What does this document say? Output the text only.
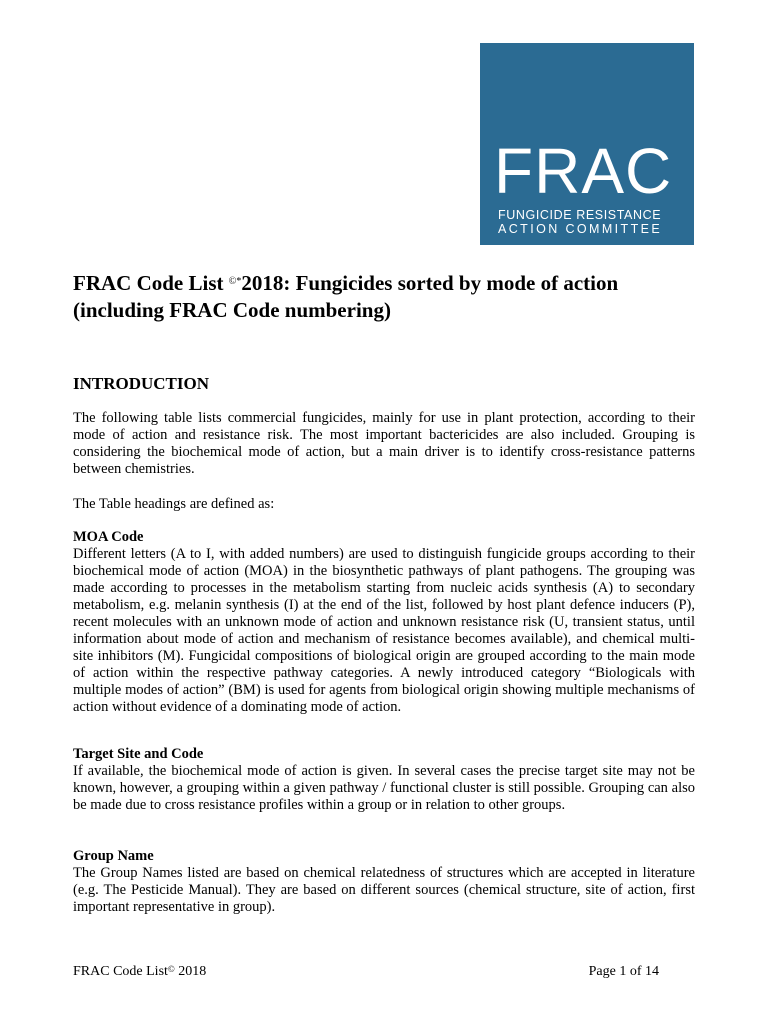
FRAC
FUNGICIDE RESISTANCE
ACTION COMMITTEE
FRAC Code List ©*2018: Fungicides sorted by mode of action
(including FRAC Code numbering)
INTRODUCTION
The following table lists commercial fungicides, mainly for use in plant protection, according to their mode of action and resistance risk. The most important bactericides are also included. Grouping is considering the biochemical mode of action, but a main driver is to identify cross-resistance patterns between chemistries.
The Table headings are defined as:
MOA Code
Different letters (A to I, with added numbers) are used to distinguish fungicide groups according to their biochemical mode of action (MOA) in the biosynthetic pathways of plant pathogens. The grouping was made according to processes in the metabolism starting from nucleic acids synthesis (A) to secondary metabolism, e.g. melanin synthesis (I) at the end of the list, followed by host plant defence inducers (P), recent molecules with an unknown mode of action and unknown resistance risk (U, transient status, until information about mode of action and mechanism of resistance becomes available), and chemical multi-site inhibitors (M). Fungicidal compositions of biological origin are grouped according to the main mode of action within the respective pathway categories. A newly introduced category “Biologicals with multiple modes of action” (BM) is used for agents from biological origin showing multiple mechanisms of action without evidence of a dominating mode of action.
Target Site and Code
If available, the biochemical mode of action is given. In several cases the precise target site may not be known, however, a grouping within a given pathway / functional cluster is still possible. Grouping can also be made due to cross resistance profiles within a group or in relation to other groups.
Group Name
The Group Names listed are based on chemical relatedness of structures which are accepted in literature (e.g. The Pesticide Manual). They are based on different sources (chemical structure, site of action, first important representative in group).
FRAC Code List© 2018	Page 1 of 14
